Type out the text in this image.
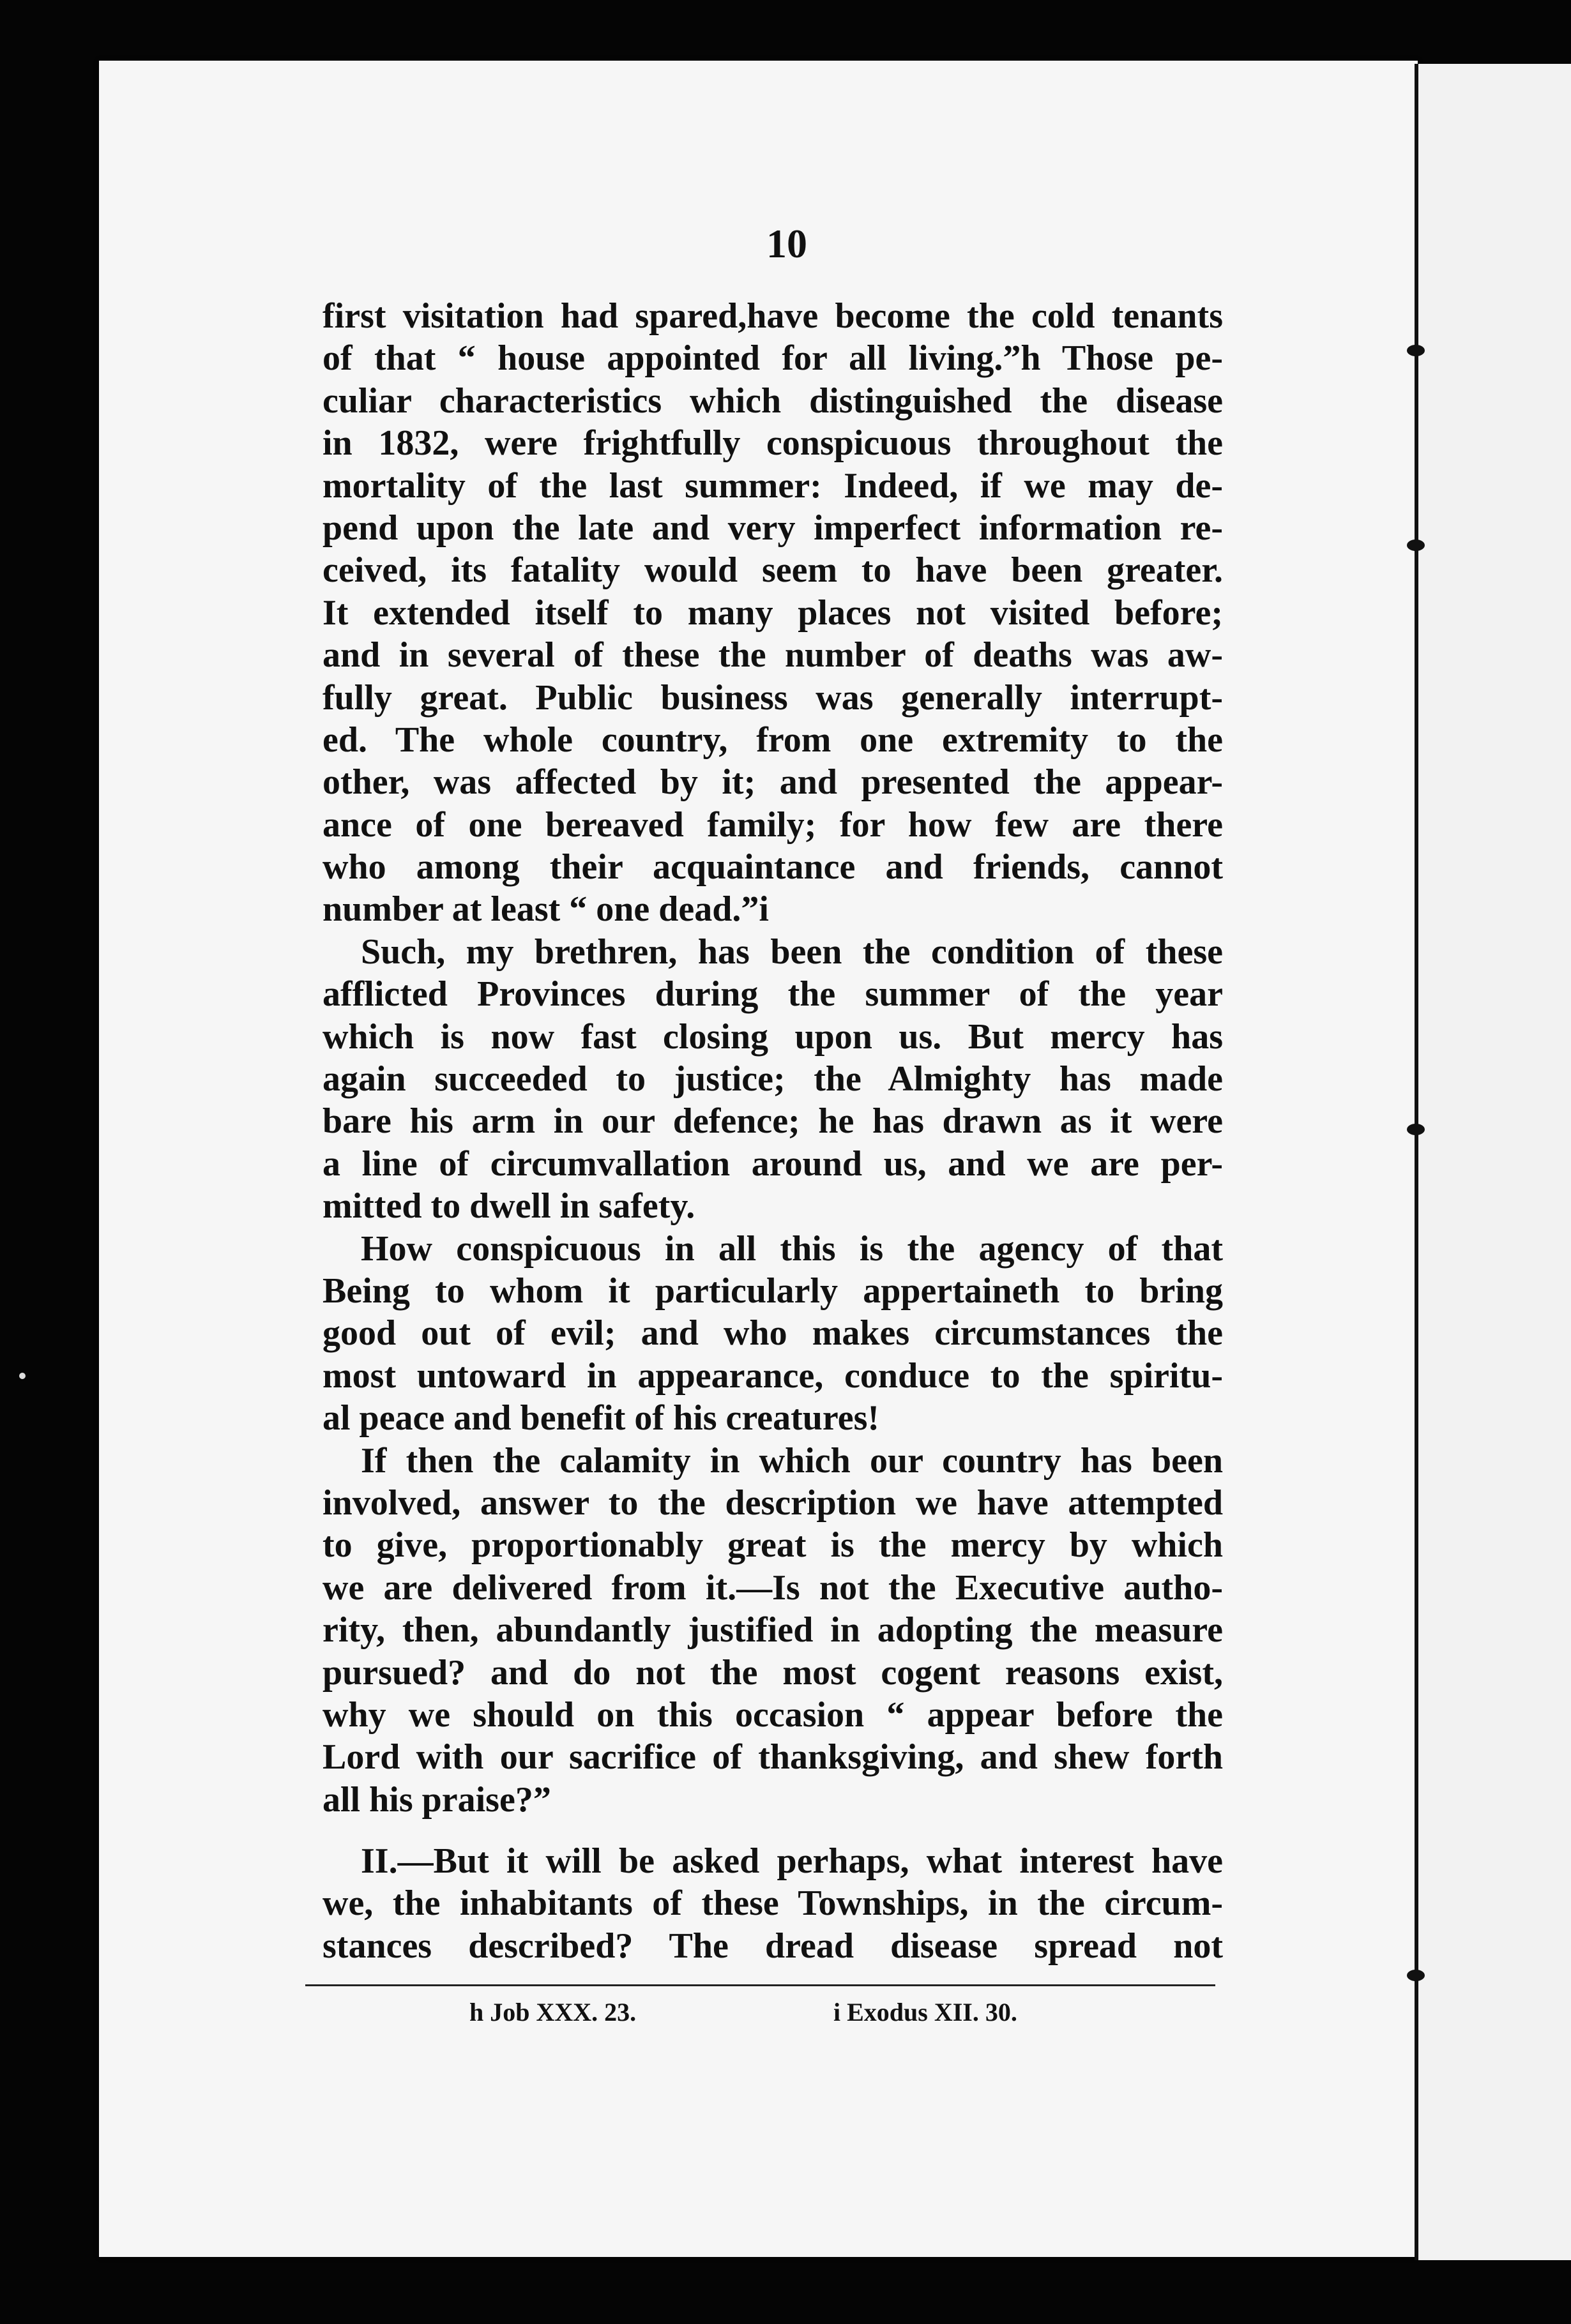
10
first visitation had spared,have become the cold tenants
of that “ house appointed for all living.”h Those pe-
culiar characteristics which distinguished the disease
in 1832, were frightfully conspicuous throughout the
mortality of the last summer: Indeed, if we may de-
pend upon the late and very imperfect information re-
ceived, its fatality would seem to have been greater.
It extended itself to many places not visited before;
and in several of these the number of deaths was aw-
fully great. Public business was generally interrupt-
ed. The whole country, from one extremity to the
other, was affected by it; and presented the appear-
ance of one bereaved family; for how few are there
who among their acquaintance and friends, cannot
number at least “ one dead.”i
Such, my brethren, has been the condition of these
afflicted Provinces during the summer of the year
which is now fast closing upon us. But mercy has
again succeeded to justice; the Almighty has made
bare his arm in our defence; he has drawn as it were
a line of circumvallation around us, and we are per-
mitted to dwell in safety.
How conspicuous in all this is the agency of that
Being to whom it particularly appertaineth to bring
good out of evil; and who makes circumstances the
most untoward in appearance, conduce to the spiritu-
al peace and benefit of his creatures!
If then the calamity in which our country has been
involved, answer to the description we have attempted
to give, proportionably great is the mercy by which
we are delivered from it.—Is not the Executive autho-
rity, then, abundantly justified in adopting the measure
pursued? and do not the most cogent reasons exist,
why we should on this occasion “ appear before the
Lord with our sacrifice of thanksgiving, and shew forth
all his praise?”
II.—But it will be asked perhaps, what interest have
we, the inhabitants of these Townships, in the circum-
stances described? The dread disease spread not
h Job XXX. 23.	i Exodus XII. 30.
